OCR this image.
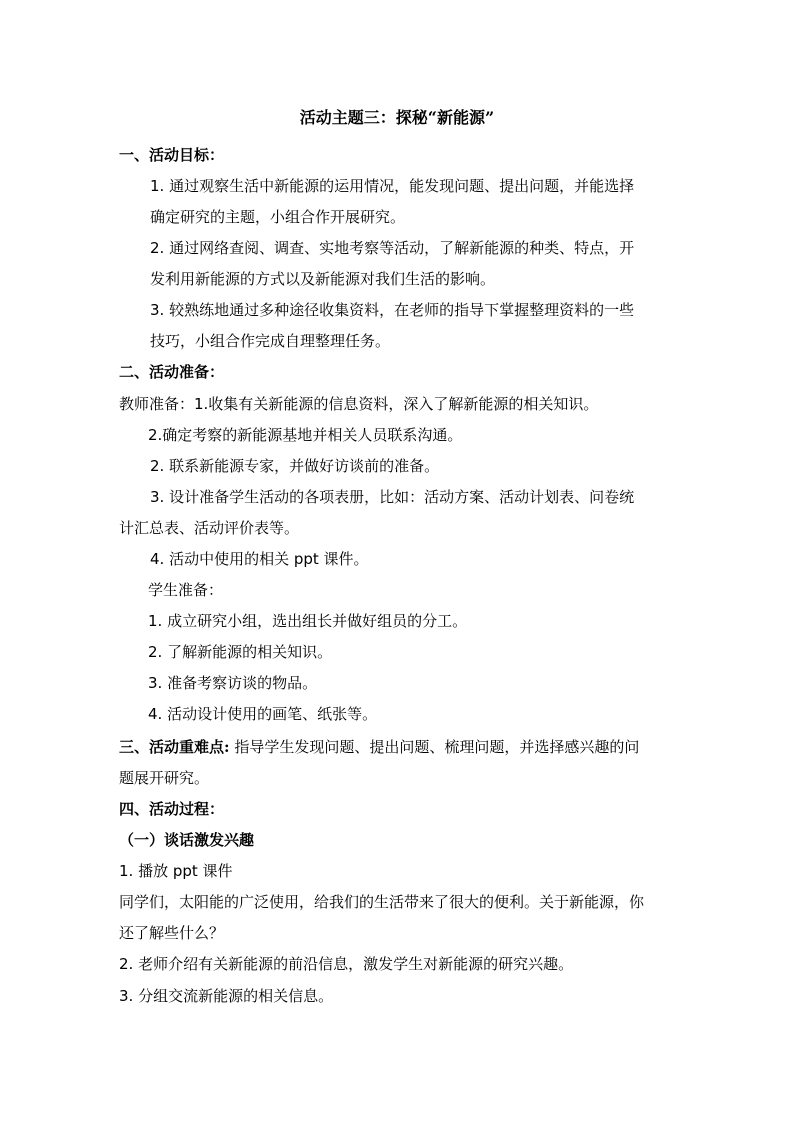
活动主题三：探秘“新能源”
一、活动目标：
1. 通过观察生活中新能源的运用情况，能发现问题、提出问题，并能选择
确定研究的主题，小组合作开展研究。
2. 通过网络查阅、调查、实地考察等活动，了解新能源的种类、特点，开
发利用新能源的方式以及新能源对我们生活的影响。
3. 较熟练地通过多种途径收集资料，在老师的指导下掌握整理资料的一些
技巧，小组合作完成自理整理任务。
二、活动准备：
教师准备：1.收集有关新能源的信息资料，深入了解新能源的相关知识。
2.确定考察的新能源基地并相关人员联系沟通。
2. 联系新能源专家，并做好访谈前的准备。
3. 设计准备学生活动的各项表册，比如：活动方案、活动计划表、问卷统
计汇总表、活动评价表等。
4. 活动中使用的相关 ppt 课件。
学生准备：
1. 成立研究小组，选出组长并做好组员的分工。
2. 了解新能源的相关知识。
3. 准备考察访谈的物品。
4. 活动设计使用的画笔、纸张等。
三、活动重难点: 指导学生发现问题、提出问题、梳理问题，并选择感兴趣的问
题展开研究。
四、活动过程：
（一）谈话激发兴趣
1. 播放 ppt 课件
同学们，太阳能的广泛使用，给我们的生活带来了很大的便利。关于新能源，你
还了解些什么？
2. 老师介绍有关新能源的前沿信息，激发学生对新能源的研究兴趣。
3. 分组交流新能源的相关信息。
